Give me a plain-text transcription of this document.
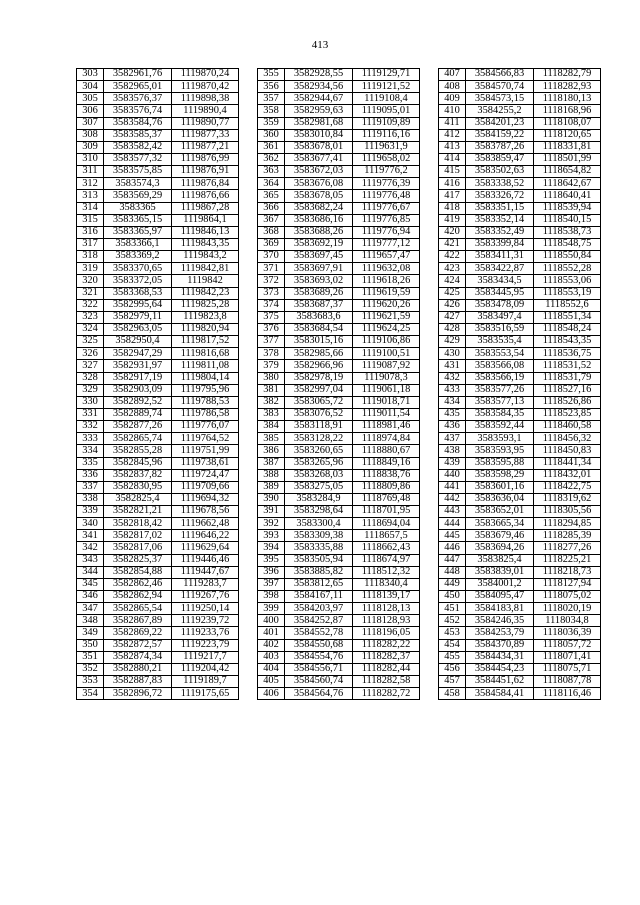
413
303	3582961,76	1119870,24
304	3582965,01	1119870,42
305	3583576,37	1119898,38
306	3583576,74	1119890,4
307	3583584,76	1119890,77
308	3583585,37	1119877,33
309	3583582,42	1119877,21
310	3583577,32	1119876,99
311	3583575,85	1119876,91
312	3583574,3	1119876,84
313	3583569,29	1119876,66
314	3583365	1119867,28
315	3583365,15	1119864,1
316	3583365,97	1119846,13
317	3583366,1	1119843,35
318	3583369,2	1119843,2
319	3583370,65	1119842,81
320	3583372,05	1119842
321	3583368,53	1119842,23
322	3582995,64	1119825,28
323	3582979,11	1119823,8
324	3582963,05	1119820,94
325	3582950,4	1119817,52
326	3582947,29	1119816,68
327	3582931,97	1119811,08
328	3582917,19	1119804,14
329	3582903,09	1119795,96
330	3582892,52	1119788,53
331	3582889,74	1119786,58
332	3582877,26	1119776,07
333	3582865,74	1119764,52
334	3582855,28	1119751,99
335	3582845,96	1119738,61
336	3582837,82	1119724,47
337	3582830,95	1119709,66
338	3582825,4	1119694,32
339	3582821,21	1119678,56
340	3582818,42	1119662,48
341	3582817,02	1119646,22
342	3582817,06	1119629,64
343	3582825,37	1119446,46
344	3582854,88	1119447,67
345	3582862,46	1119283,7
346	3582862,94	1119267,76
347	3582865,54	1119250,14
348	3582867,89	1119239,72
349	3582869,22	1119233,76
350	3582872,57	1119223,79
351	3582874,34	1119217,7
352	3582880,21	1119204,42
353	3582887,83	1119189,7
354	3582896,72	1119175,65
355	3582928,55	1119129,71
356	3582934,56	1119121,52
357	3582944,67	1119108,4
358	3582959,63	1119095,01
359	3582981,68	1119109,89
360	3583010,84	1119116,16
361	3583678,01	1119631,9
362	3583677,41	1119658,02
363	3583672,03	1119776,2
364	3583676,08	1119776,39
365	3583678,05	1119776,48
366	3583682,24	1119776,67
367	3583686,16	1119776,85
368	3583688,26	1119776,94
369	3583692,19	1119777,12
370	3583697,45	1119657,47
371	3583697,91	1119632,08
372	3583693,02	1119618,26
373	3583689,26	1119619,59
374	3583687,37	1119620,26
375	3583683,6	1119621,59
376	3583684,54	1119624,25
377	3583015,16	1119106,86
378	3582985,66	1119100,51
379	3582966,96	1119087,92
380	3582978,19	1119078,3
381	3582997,04	1119061,18
382	3583065,72	1119018,71
383	3583076,52	1119011,54
384	3583118,91	1118981,46
385	3583128,22	1118974,84
386	3583260,65	1118880,67
387	3583265,96	1118849,16
388	3583268,03	1118838,76
389	3583275,05	1118809,86
390	3583284,9	1118769,48
391	3583298,64	1118701,95
392	3583300,4	1118694,04
393	3583309,38	1118657,5
394	3583335,88	1118662,43
395	3583505,94	1118674,97
396	3583885,82	1118512,32
397	3583812,65	1118340,4
398	3584167,11	1118139,17
399	3584203,97	1118128,13
400	3584252,87	1118128,93
401	3584552,78	1118196,05
402	3584550,68	1118282,22
403	3584554,76	1118282,37
404	3584556,71	1118282,44
405	3584560,74	1118282,58
406	3584564,76	1118282,72
407	3584566,83	1118282,79
408	3584570,74	1118282,93
409	3584573,15	1118180,13
410	3584255,2	1118168,96
411	3584201,23	1118108,07
412	3584159,22	1118120,65
413	3583787,26	1118331,81
414	3583859,47	1118501,99
415	3583502,63	1118654,82
416	3583338,52	1118642,67
417	3583326,72	1118640,41
418	3583351,15	1118539,94
419	3583352,14	1118540,15
420	3583352,49	1118538,73
421	3583399,84	1118548,75
422	3583411,31	1118550,84
423	3583422,87	1118552,28
424	3583434,5	1118553,06
425	3583445,95	1118553,19
426	3583478,09	1118552,6
427	3583497,4	1118551,34
428	3583516,59	1118548,24
429	3583535,4	1118543,35
430	3583553,54	1118536,75
431	3583566,08	1118531,52
432	3583566,19	1118531,79
433	3583577,26	1118527,16
434	3583577,13	1118526,86
435	3583584,35	1118523,85
436	3583592,44	1118460,58
437	3583593,1	1118456,32
438	3583593,95	1118450,83
439	3583595,88	1118441,34
440	3583598,29	1118432,01
441	3583601,16	1118422,75
442	3583636,04	1118319,62
443	3583652,01	1118305,56
444	3583665,34	1118294,85
445	3583679,46	1118285,39
446	3583694,26	1118277,26
447	3583825,4	1118225,21
448	3583839,01	1118218,73
449	3584001,2	1118127,94
450	3584095,47	1118075,02
451	3584183,81	1118020,19
452	3584246,35	1118034,8
453	3584253,79	1118036,39
454	3584370,89	1118057,72
455	3584434,31	1118071,41
456	3584454,23	1118075,71
457	3584451,62	1118087,78
458	3584584,41	1118116,46
